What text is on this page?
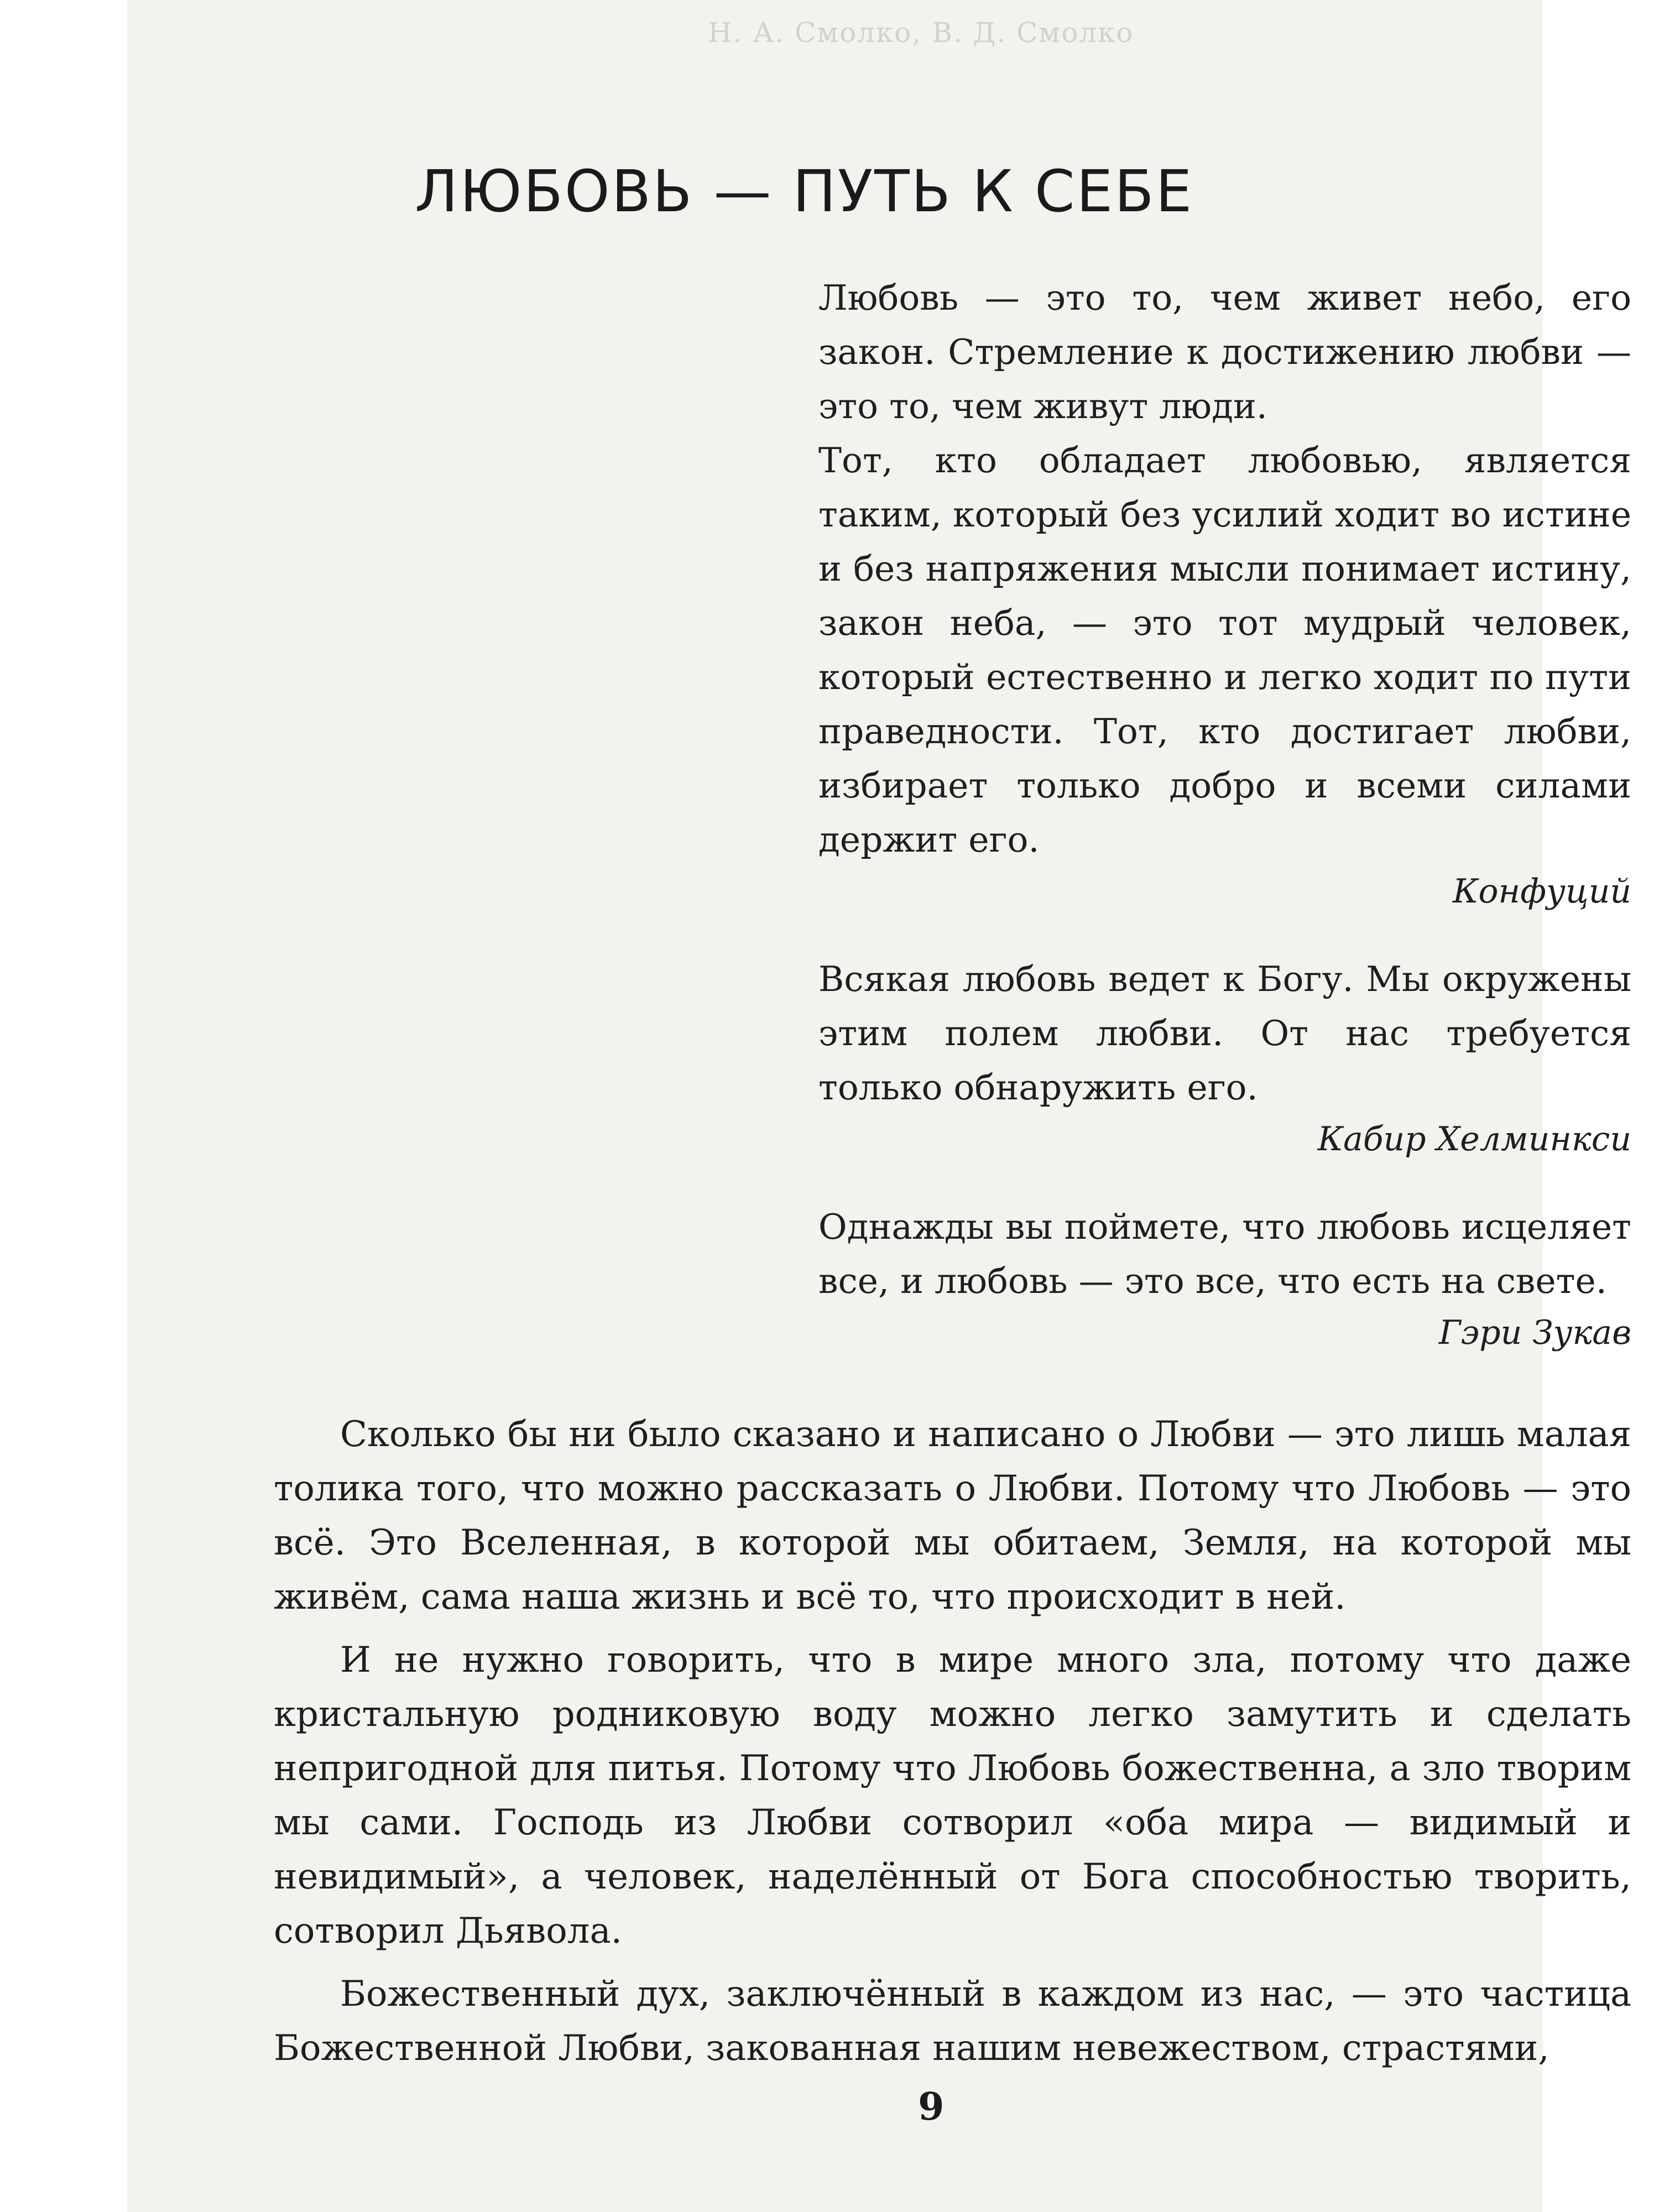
Н. А. Смолко, В. Д. Смолко
ЛЮБОВЬ — ПУТЬ К СЕБЕ

Любовь — это то, чем живет небо, его закон. Стремление к достижению любви — это то, чем живут люди.

Тот, кто обладает любовью, является таким, который без усилий ходит во истине и без напряжения мысли понимает истину, закон неба, — это тот мудрый человек, который естественно и легко ходит по пути праведности. Тот, кто достигает любви, избирает только добро и всеми силами держит его.

Конфуций

Всякая любовь ведет к Богу. Мы окружены этим полем любви. От нас требуется только обнаружить его.

Кабир Хелминкси

Однажды вы поймете, что любовь исцеляет все, и любовь — это все, что есть на свете.

Гэри Зукав

Сколько бы ни было сказано и написано о Любви — это лишь малая толика того, что можно рассказать о Любви. Потому что Любовь — это всё. Это Вселенная, в которой мы обитаем, Земля, на которой мы живём, сама наша жизнь и всё то, что происходит в ней.

И не нужно говорить, что в мире много зла, потому что даже кристальную родниковую воду можно легко замутить и сделать непригодной для питья. Потому что Любовь божественна, а зло творим мы сами. Господь из Любви сотворил «оба мира — видимый и невидимый», а человек, наделённый от Бога способностью творить, сотворил Дьявола.

Божественный дух, заключённый в каждом из нас, — это частица Божественной Любви, закованная нашим невежеством, страстями,

9
